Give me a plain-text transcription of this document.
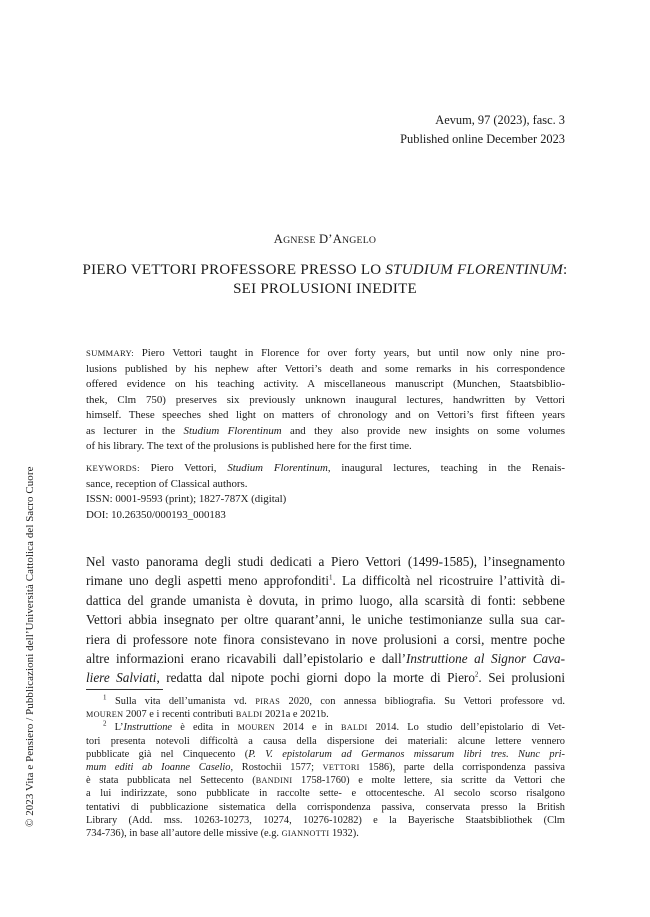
Aevum, 97 (2023), fasc. 3
Published online December 2023
AGNESE D’ANGELO
PIERO VETTORI PROFESSORE PRESSO LO STUDIUM FLORENTINUM:
SEI PROLUSIONI INEDITE
SUMMARY: Piero Vettori taught in Florence for over forty years, but until now only nine pro-
lusions published by his nephew after Vettori’s death and some remarks in his correspondence
offered evidence on his teaching activity. A miscellaneous manuscript (Munchen, Staatsbiblio-
thek, Clm 750) preserves six previously unknown inaugural lectures, handwritten by Vettori
himself. These speeches shed light on matters of chronology and on Vettori’s first fifteen years
as lecturer in the Studium Florentinum and they also provide new insights on some volumes
of his library. The text of the prolusions is published here for the first time.
KEYWORDS: Piero Vettori, Studium Florentinum, inaugural lectures, teaching in the Renais-
sance, reception of Classical authors.
ISSN: 0001-9593 (print); 1827-787X (digital)
DOI: 10.26350/000193_000183
Nel vasto panorama degli studi dedicati a Piero Vettori (1499-1585), l’insegnamento
rimane uno degli aspetti meno approfonditi$^1$. La difficoltà nel ricostruire l’attività di-
dattica del grande umanista è dovuta, in primo luogo, alla scarsità di fonti: sebbene
Vettori abbia insegnato per oltre quarant’anni, le uniche testimonianze sulla sua car-
riera di professore note finora consistevano in nove prolusioni a corsi, mentre poche
altre informazioni erano ricavabili dall’epistolario e dall’Instruttione al Signor Cava-
liere Salviati, redatta dal nipote pochi giorni dopo la morte di Piero$^2$. Sei prolusioni

$^1$ Sulla vita dell’umanista vd. PIRAS 2020, con annessa bibliografia. Su Vettori professore vd.
MOUREN 2007 e i recenti contributi BALDI 2021a e 2021b.

$^2$ L’Instruttione è edita in MOUREN 2014 e in BALDI 2014. Lo studio dell’epistolario di Vet-
tori presenta notevoli difficoltà a causa della dispersione dei materiali: alcune lettere vennero
pubblicate già nel Cinquecento (P. V. epistolarum ad Germanos missarum libri tres. Nunc pri-
mum editi ab Ioanne Caselio, Rostochii 1577; VETTORI 1586), parte della corrispondenza passiva
è stata pubblicata nel Settecento (BANDINI 1758-1760) e molte lettere, sia scritte da Vettori che
a lui indirizzate, sono pubblicate in raccolte sette- e ottocentesche. Al secolo scorso risalgono
tentativi di pubblicazione sistematica della corrispondenza passiva, conservata presso la British
Library (Add. mss. 10263-10273, 10274, 10276-10282) e la Bayerische Staatsbibliothek (Clm
734-736), in base all’autore delle missive (e.g. GIANNOTTI 1932).

© 2023 Vita e Pensiero / Pubblicazioni dell’Università Cattolica del Sacro Cuore
